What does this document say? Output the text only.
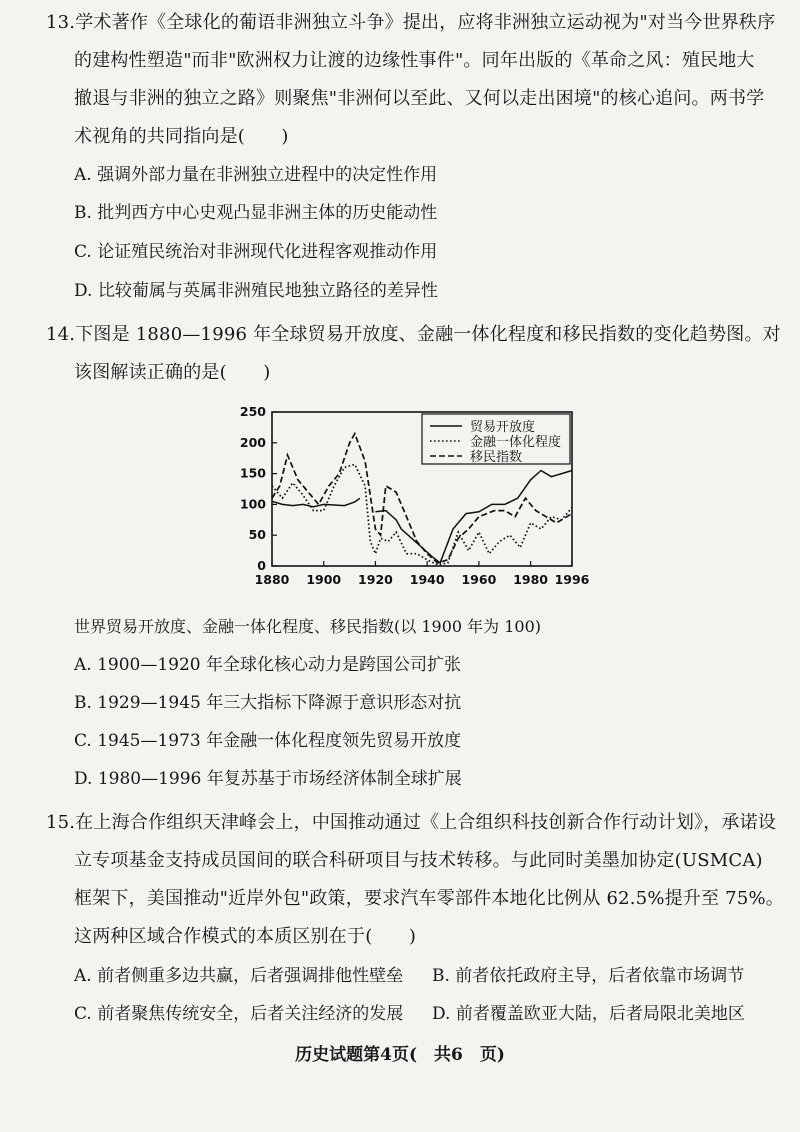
13.学术著作《全球化的葡语非洲独立斗争》提出，应将非洲独立运动视为"对当今世界秩序
的建构性塑造"而非"欧洲权力让渡的边缘性事件"。同年出版的《革命之风：殖民地大
撤退与非洲的独立之路》则聚焦"非洲何以至此、又何以走出困境"的核心追问。两书学
术视角的共同指向是(　　)
A. 强调外部力量在非洲独立进程中的决定性作用
B. 批判西方中心史观凸显非洲主体的历史能动性
C. 论证殖民统治对非洲现代化进程客观推动作用
D. 比较葡属与英属非洲殖民地独立路径的差异性
14.下图是 1880—1996 年全球贸易开放度、金融一体化程度和移民指数的变化趋势图。对
该图解读正确的是(　　)
0
50
100
150
200
250
1880 1900 1920 1940 1960 1980 1996
贸易开放度
金融一体化程度
移民指数
世界贸易开放度、金融一体化程度、移民指数(以 1900 年为 100)
A. 1900—1920 年全球化核心动力是跨国公司扩张
B. 1929—1945 年三大指标下降源于意识形态对抗
C. 1945—1973 年金融一体化程度领先贸易开放度
D. 1980—1996 年复苏基于市场经济体制全球扩展
15.在上海合作组织天津峰会上，中国推动通过《上合组织科技创新合作行动计划》，承诺设
立专项基金支持成员国间的联合科研项目与技术转移。与此同时美墨加协定(USMCA)
框架下，美国推动"近岸外包"政策，要求汽车零部件本地化比例从 62.5%提升至 75%。
这两种区域合作模式的本质区别在于(　　)
A. 前者侧重多边共赢，后者强调排他性壁垒 B. 前者依托政府主导，后者依靠市场调节
C. 前者聚焦传统安全，后者关注经济的发展 D. 前者覆盖欧亚大陆，后者局限北美地区
历史试题第4页(　共6　页)
